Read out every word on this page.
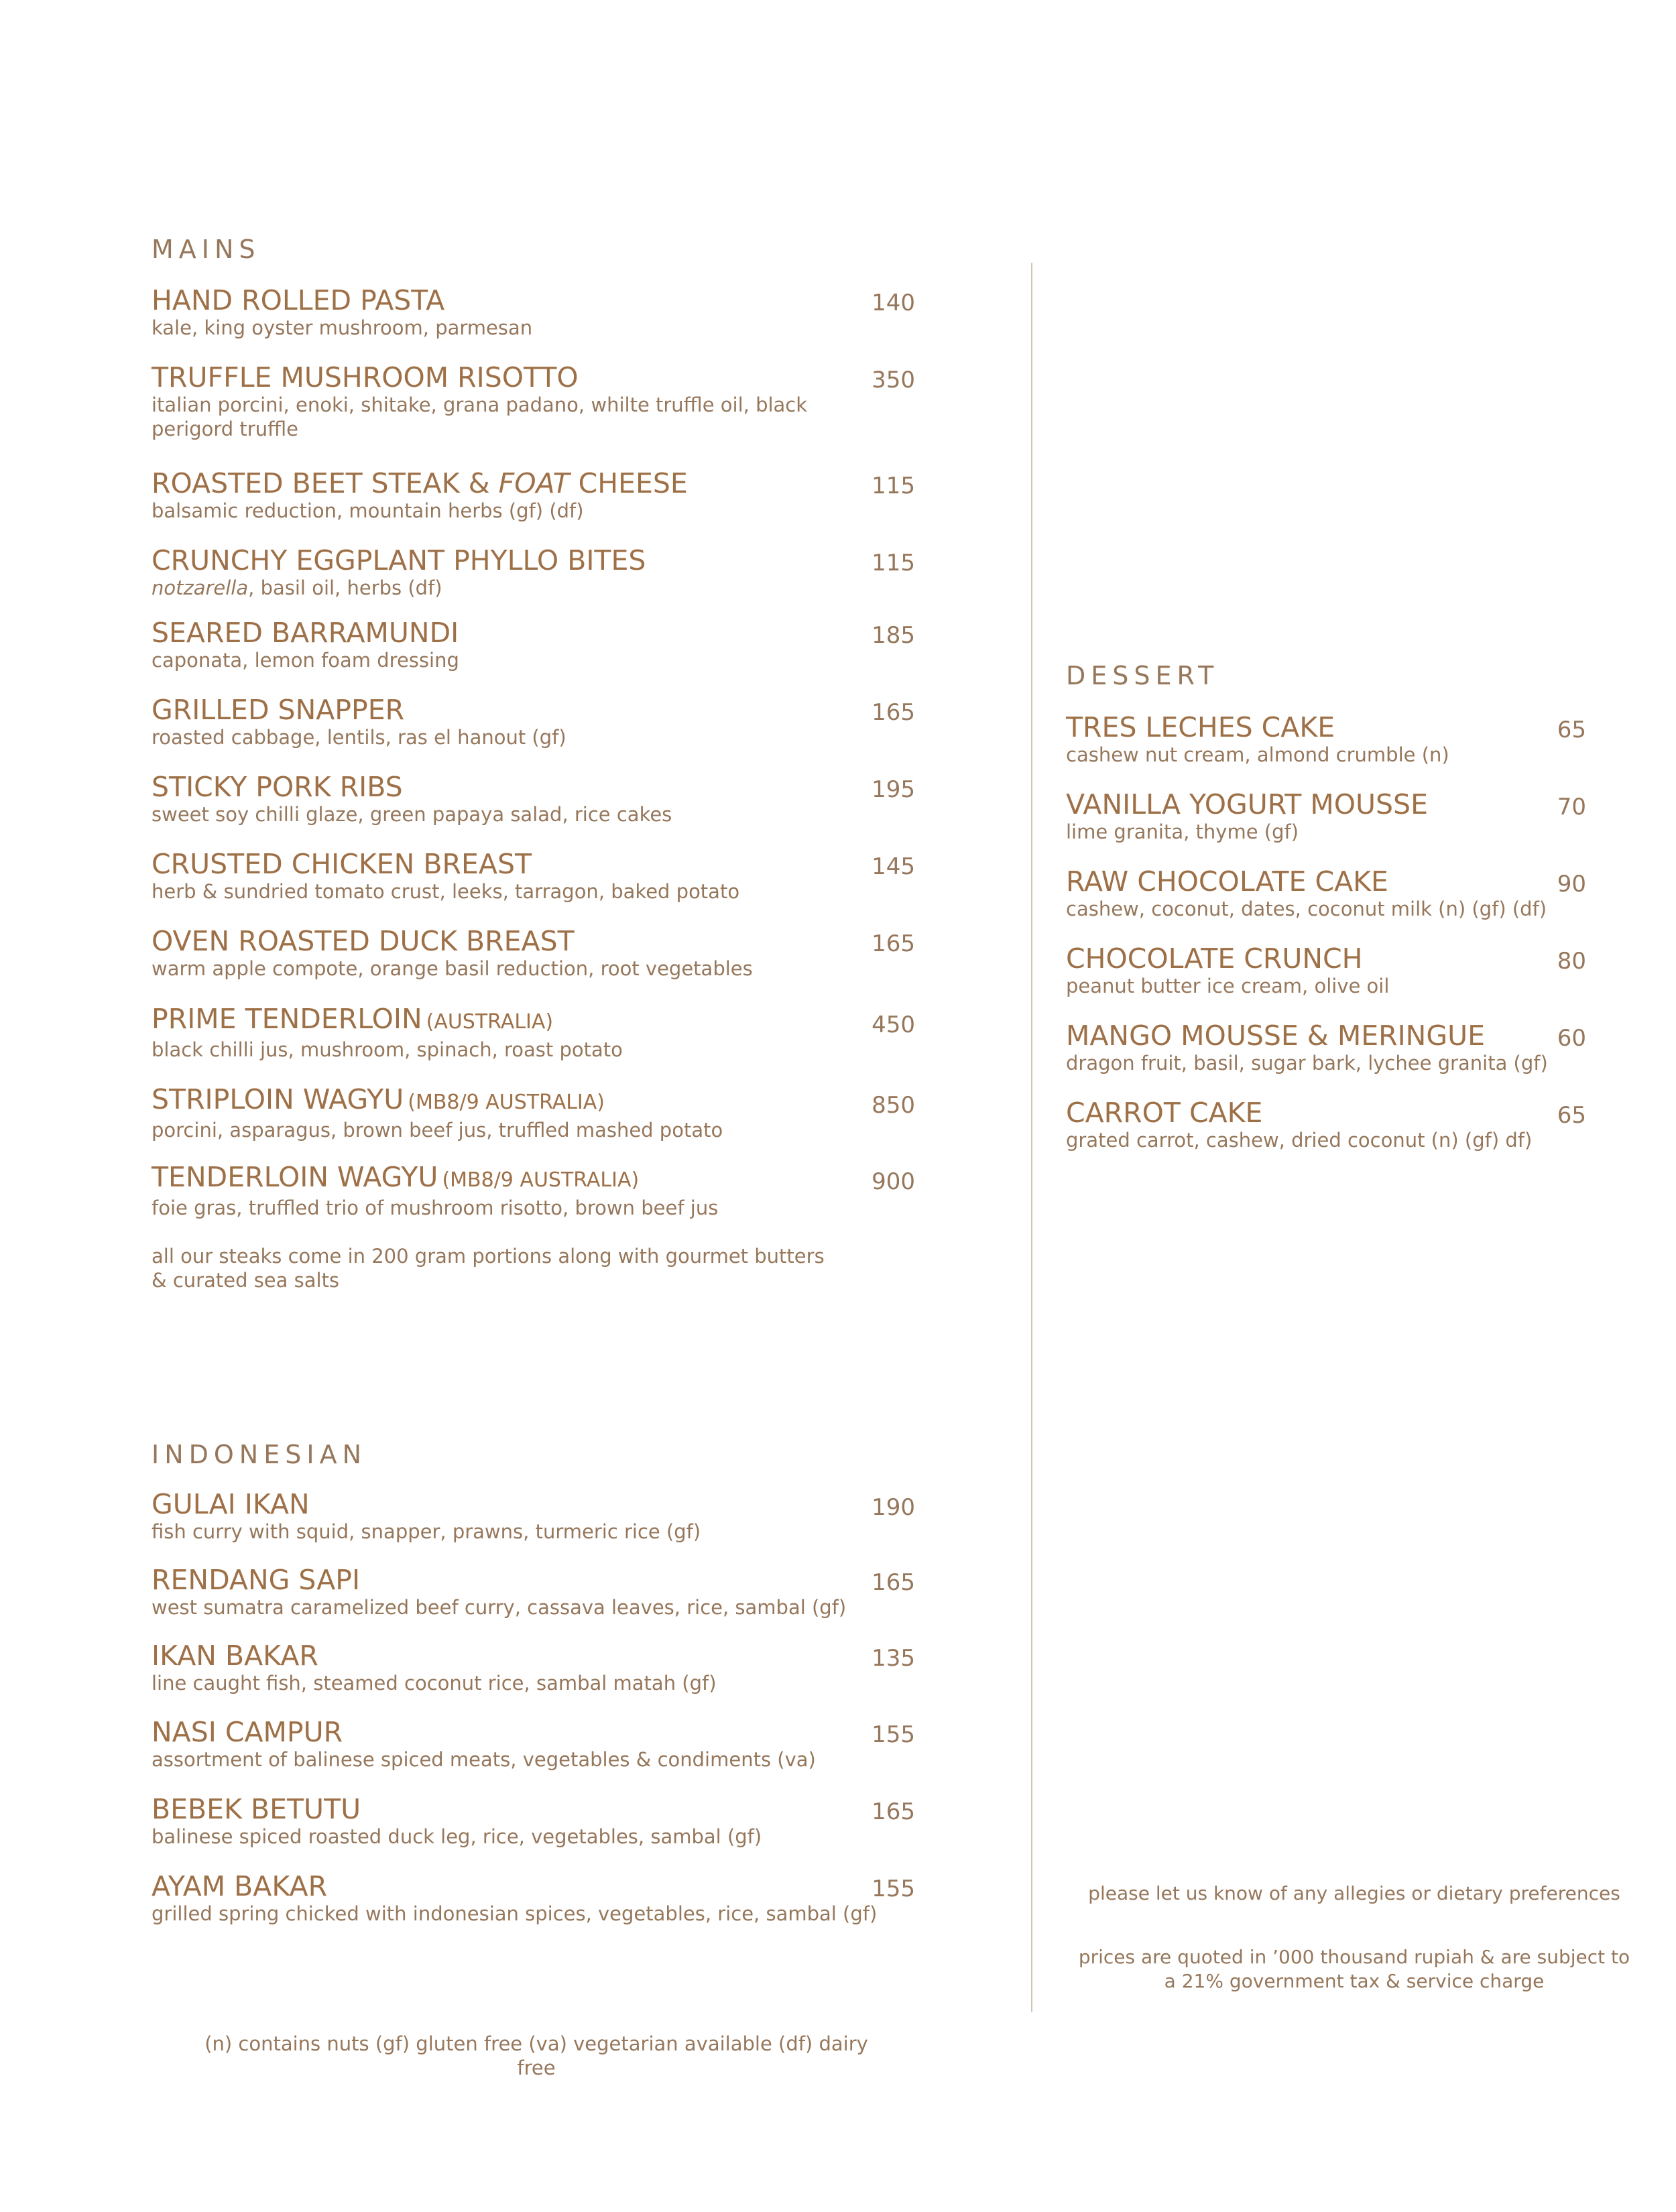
MAINS
HAND ROLLED PASTA
kale, king oyster mushroom, parmesan
140
TRUFFLE MUSHROOM RISOTTO
italian porcini, enoki, shitake, grana padano, whilte truffle oil, black
perigord truffle
350
ROASTED BEET STEAK & FOAT CHEESE
balsamic reduction, mountain herbs (gf) (df)
115
CRUNCHY EGGPLANT PHYLLO BITES
notzarella, basil oil, herbs (df)
115
SEARED BARRAMUNDI
caponata, lemon foam dressing
185
GRILLED SNAPPER
roasted cabbage, lentils, ras el hanout (gf)
165
STICKY PORK RIBS
sweet soy chilli glaze, green papaya salad, rice cakes
195
CRUSTED CHICKEN BREAST
herb & sundried tomato crust, leeks, tarragon, baked potato
145
OVEN ROASTED DUCK BREAST
warm apple compote, orange basil reduction, root vegetables
165
PRIME TENDERLOIN (AUSTRALIA)
black chilli jus, mushroom, spinach, roast potato
450
STRIPLOIN WAGYU (MB8/9 AUSTRALIA)
porcini, asparagus, brown beef jus, truffled mashed potato
850
TENDERLOIN WAGYU (MB8/9 AUSTRALIA)
foie gras, truffled trio of mushroom risotto, brown beef jus
900
all our steaks come in 200 gram portions along with gourmet butters
& curated sea salts
INDONESIAN
GULAI IKAN
fish curry with squid, snapper, prawns, turmeric rice (gf)
190
RENDANG SAPI
west sumatra caramelized beef curry, cassava leaves, rice, sambal (gf)
165
IKAN BAKAR
line caught fish, steamed coconut rice, sambal matah (gf)
135
NASI CAMPUR
assortment of balinese spiced meats, vegetables & condiments (va)
155
BEBEK BETUTU
balinese spiced roasted duck leg, rice, vegetables, sambal (gf)
165
AYAM BAKAR
grilled spring chicked with indonesian spices, vegetables, rice, sambal (gf)
155
(n) contains nuts (gf) gluten free (va) vegetarian available (df) dairy free
DESSERT
TRES LECHES CAKE
cashew nut cream, almond crumble (n)
65
VANILLA YOGURT MOUSSE
lime granita, thyme (gf)
70
RAW CHOCOLATE CAKE
cashew, coconut, dates, coconut milk (n) (gf) (df)
90
CHOCOLATE CRUNCH
peanut butter ice cream, olive oil
80
MANGO MOUSSE & MERINGUE
dragon fruit, basil, sugar bark, lychee granita (gf)
60
CARROT CAKE
grated carrot, cashew, dried coconut (n) (gf) df)
65
please let us know of any allegies or dietary preferences
prices are quoted in ’000 thousand rupiah & are subject to
a 21% government tax & service charge
